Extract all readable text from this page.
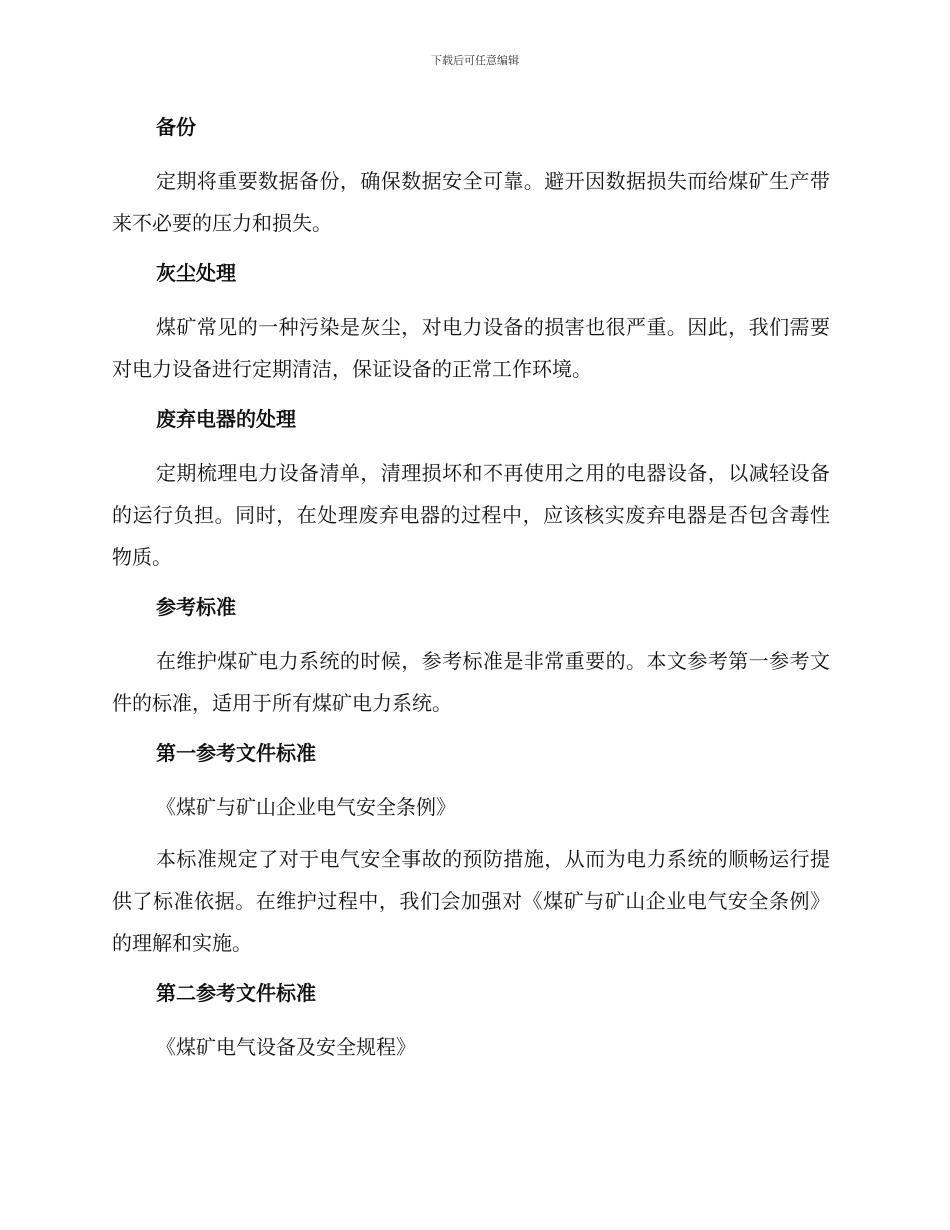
下载后可任意编辑
备份

定期将重要数据备份，确保数据安全可靠。避开因数据损失而给煤矿生产带来不必要的压力和损失。

灰尘处理

煤矿常见的一种污染是灰尘，对电力设备的损害也很严重。因此，我们需要对电力设备进行定期清洁，保证设备的正常工作环境。

废弃电器的处理

定期梳理电力设备清单，清理损坏和不再使用之用的电器设备，以减轻设备的运行负担。同时，在处理废弃电器的过程中，应该核实废弃电器是否包含毒性物质。

参考标准

在维护煤矿电力系统的时候，参考标准是非常重要的。本文参考第一参考文件的标准，适用于所有煤矿电力系统。

第一参考文件标准

《煤矿与矿山企业电气安全条例》

本标准规定了对于电气安全事故的预防措施，从而为电力系统的顺畅运行提供了标准依据。在维护过程中，我们会加强对《煤矿与矿山企业电气安全条例》的理解和实施。

第二参考文件标准

《煤矿电气设备及安全规程》
